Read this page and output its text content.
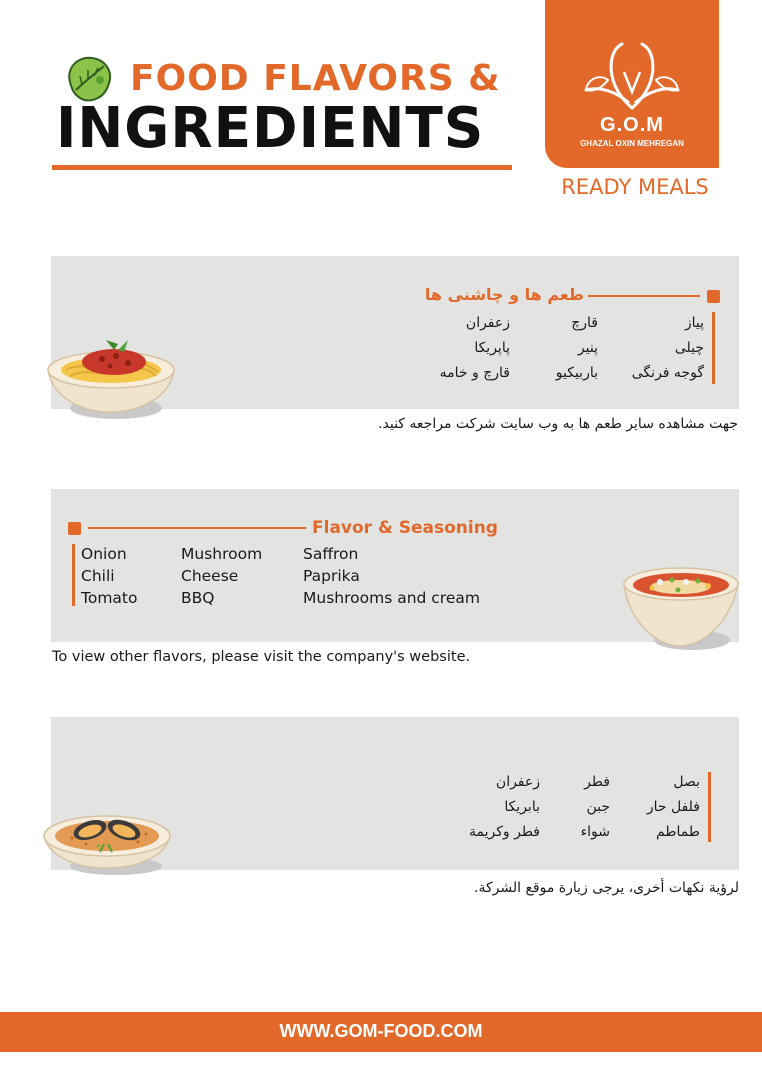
FOOD FLAVORS &
INGREDIENTS	G.O.M
GHAZAL OXIN MEHREGAN
READY MEALS
طعم ها و چاشنی ها
پیاز
چیلی
گوجه فرنگی
قارچ
پنیر
باربیکیو
زعفران
پاپریکا
قارچ و خامه
جهت مشاهده سایر طعم ها به وب سایت شرکت مراجعه کنید.
Flavor & Seasoning
Onion
Chili
Tomato
Mushroom
Cheese
BBQ
Saffron
Paprika
Mushrooms and cream
To view other flavors, please visit the company's website.
بصل
فلفل حار
طماطم
فطر
جبن
شواء
زعفران
بابريكا
فطر وكريمة
لرؤية نكهات أخرى، يرجى زيارة موقع الشركة.
WWW.GOM-FOOD.COM
